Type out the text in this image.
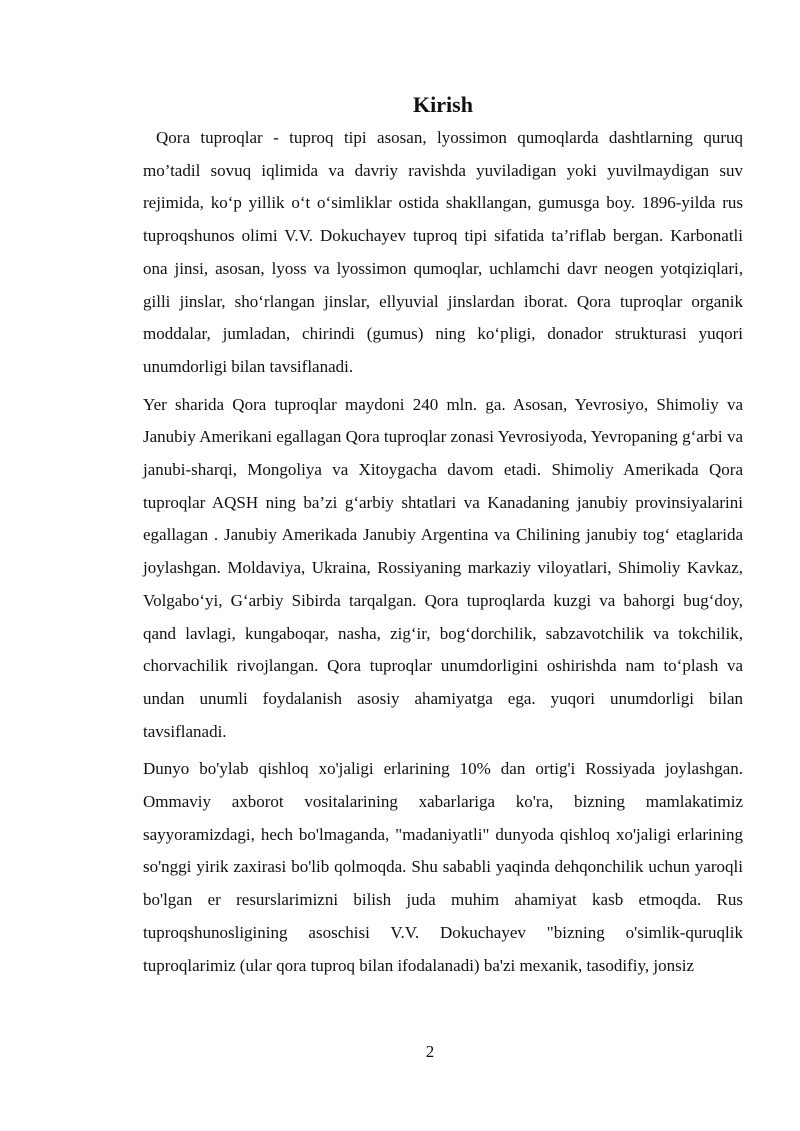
Kirish

Qora tuproqlar - tuproq tipi asosan, lyossimon qumoqlarda dashtlarning quruq mo’tadil sovuq iqlimida va davriy ravishda yuviladigan yoki yuvilmaydigan suv rejimida, ko‘p yillik o‘t o‘simliklar ostida shakllangan, gumusga boy. 1896-yilda rus tuproqshunos olimi V.V. Dokuchayev tuproq tipi sifatida ta’riflab bergan. Karbonatli ona jinsi, asosan, lyoss va lyossimon qumoqlar, uchlamchi davr neogen yotqiziqlari, gilli jinslar, sho‘rlangan jinslar, ellyuvial jinslardan iborat. Qora tuproqlar organik moddalar, jumladan, chirindi (gumus) ning ko‘pligi, donador strukturasi yuqori unumdorligi bilan tavsiflanadi.

Yer sharida Qora tuproqlar maydoni 240 mln. ga. Asosan, Yevrosiyo, Shimoliy va Janubiy Amerikani egallagan Qora tuproqlar zonasi Yevrosiyoda, Yevropaning g‘arbi va janubi-sharqi, Mongoliya va Xitoygacha davom etadi. Shimoliy Amerikada Qora tuproqlar AQSH ning ba’zi g‘arbiy shtatlari va Kanadaning janubiy provinsiyalarini egallagan . Janubiy Amerikada Janubiy Argentina va Chilining janubiy tog‘ etaglarida joylashgan. Moldaviya, Ukraina, Rossiyaning markaziy viloyatlari, Shimoliy Kavkaz, Volgabo‘yi, G‘arbiy Sibirda tarqalgan. Qora tuproqlarda kuzgi va bahorgi bug‘doy, qand lavlagi, kungaboqar, nasha, zig‘ir, bog‘dorchilik, sabzavotchilik va tokchilik, chorvachilik rivojlangan. Qora tuproqlar unumdorligini oshirishda nam to‘plash va undan unumli foydalanish asosiy ahamiyatga ega. yuqori unumdorligi bilan tavsiflanadi.

Dunyo bo'ylab qishloq xo'jaligi erlarining 10% dan ortig'i Rossiyada joylashgan. Ommaviy axborot vositalarining xabarlariga ko'ra, bizning mamlakatimiz sayyoramizdagi, hech bo'lmaganda, "madaniyatli" dunyoda qishloq xo'jaligi erlarining so'nggi yirik zaxirasi bo'lib qolmoqda. Shu sababli yaqinda dehqonchilik uchun yaroqli bo'lgan er resurslarimizni bilish juda muhim ahamiyat kasb etmoqda. Rus tuproqshunosligining asoschisi V.V. Dokuchayev "bizning o'simlik-quruqlik tuproqlarimiz (ular qora tuproq bilan ifodalanadi) ba'zi mexanik, tasodifiy, jonsiz

2
